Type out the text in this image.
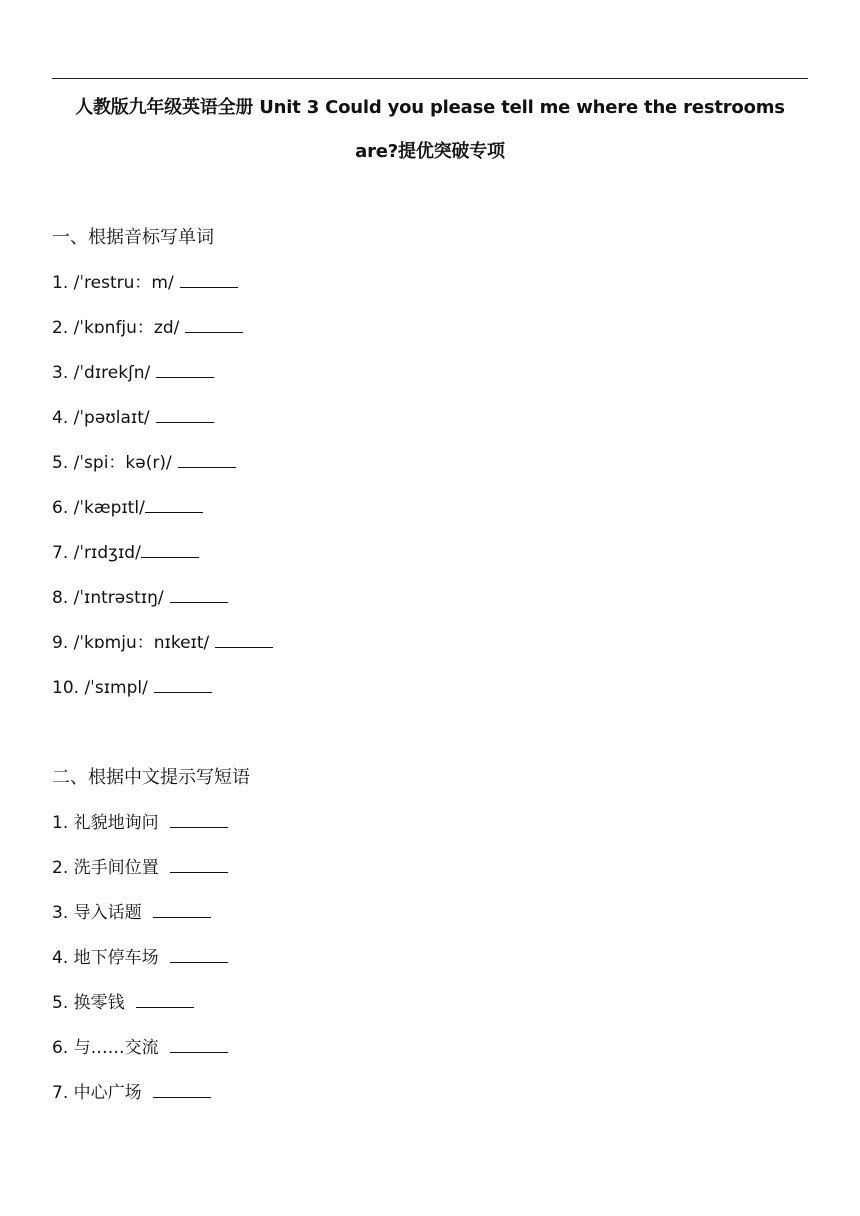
人教版九年级英语全册 Unit 3 Could you please tell me where the restrooms are?提优突破专项
一、根据音标写单词
1. /ˈrestru：m/
2. /ˈkɒnfju：zd/
3. /ˈdɪrekʃn/
4. /ˈpəʊlaɪt/
5. /ˈspi：kə(r)/
6. /ˈkæpɪtl/
7. /ˈrɪdʒɪd/
8. /ˈɪntrəstɪŋ/
9. /ˈkɒmju：nɪkeɪt/
10. /ˈsɪmpl/
二、根据中文提示写短语
1. 礼貌地询问
2. 洗手间位置
3. 导入话题
4. 地下停车场
5. 换零钱
6. 与……交流
7. 中心广场
